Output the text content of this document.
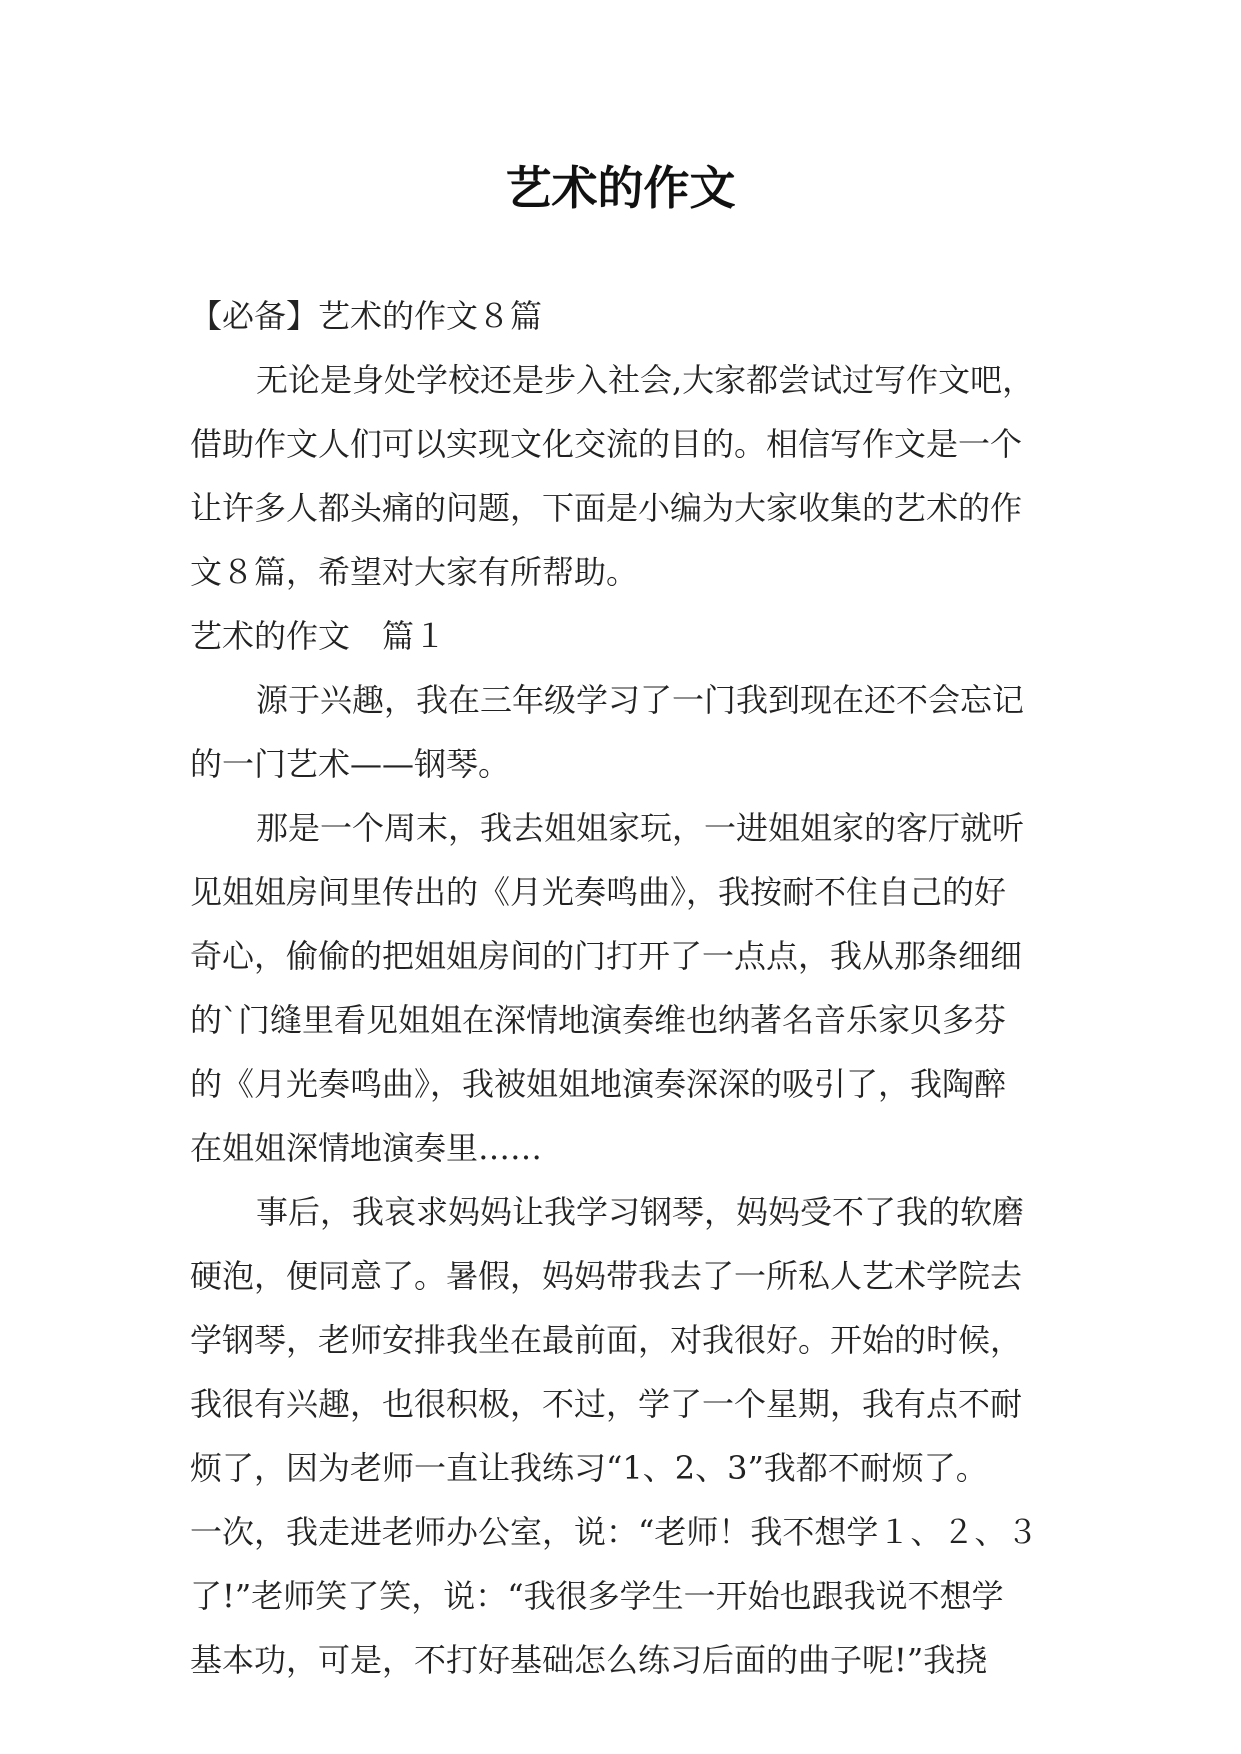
艺术的作文
【必备】艺术的作文８篇
无论是身处学校还是步入社会,大家都尝试过写作文吧，
借助作文人们可以实现文化交流的目的。相信写作文是一个
让许多人都头痛的问题，下面是小编为大家收集的艺术的作
文８篇，希望对大家有所帮助。
艺术的作文　篇１
源于兴趣，我在三年级学习了一门我到现在还不会忘记
的一门艺术——钢琴。
那是一个周末，我去姐姐家玩，一进姐姐家的客厅就听
见姐姐房间里传出的《月光奏鸣曲》，我按耐不住自己的好
奇心，偷偷的把姐姐房间的门打开了一点点，我从那条细细
的`门缝里看见姐姐在深情地演奏维也纳著名音乐家贝多芬
的《月光奏鸣曲》，我被姐姐地演奏深深的吸引了，我陶醉
在姐姐深情地演奏里……
事后，我哀求妈妈让我学习钢琴，妈妈受不了我的软磨
硬泡，便同意了。暑假，妈妈带我去了一所私人艺术学院去
学钢琴，老师安排我坐在最前面，对我很好。开始的时候，
我很有兴趣，也很积极，不过，学了一个星期，我有点不耐
烦了，因为老师一直让我练习“1、2、3”我都不耐烦了。
一次，我走进老师办公室，说：“老师！我不想学１、２、３
了!”老师笑了笑，说：“我很多学生一开始也跟我说不想学
基本功，可是，不打好基础怎么练习后面的曲子呢!”我挠
